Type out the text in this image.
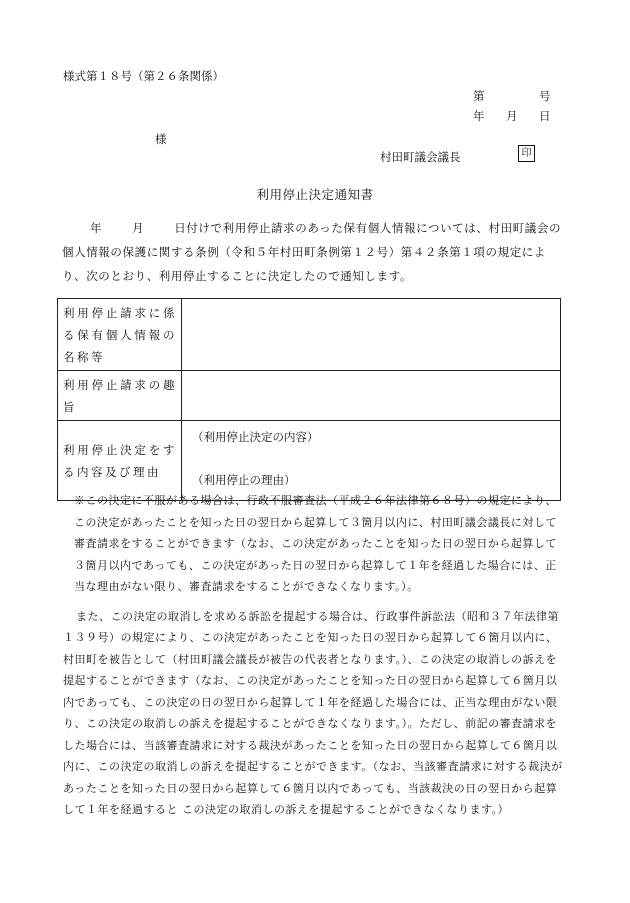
様式第１８号（第２６条関係）
第	号
年 月 日
様
村田町議会議長	印
利用停止決定通知書
年	月	日付けで利用停止請求のあった保有個人情報については、村田町議会の個人情報の保護に関する条例（令和５年村田町条例第１２号）第４２条第１項の規定により、次のとおり、利用停止することに決定したので通知します。
利用停止請求に係る保有個人情報の名称等	
利用停止請求の趣旨	
利用停止決定をする内容及び理由	（利用停止決定の内容）
（利用停止の理由）

※この決定に不服がある場合は、行政不服審査法（平成２６年法律第６８号）の規定により、この決定があったことを知った日の翌日から起算して３箇月以内に、村田町議会議長に対して審査請求をすることができます（なお、この決定があったことを知った日の翌日から起算して３箇月以内であっても、この決定があった日の翌日から起算して１年を経過した場合には、正当な理由がない限り、審査請求をすることができなくなります。）。

また、この決定の取消しを求める訴訟を提起する場合は、行政事件訴訟法（昭和３７年法律第１３９号）の規定により、この決定があったことを知った日の翌日から起算して６箇月以内に、村田町を被告として（村田町議会議長が被告の代表者となります。）、この決定の取消しの訴えを提起することができます（なお、この決定があったことを知った日の翌日から起算して６箇月以内であっても、この決定の日の翌日から起算して１年を経過した場合には、正当な理由がない限り、この決定の取消しの訴えを提起することができなくなります。）。ただし、前記の審査請求をした場合には、当該審査請求に対する裁決があったことを知った日の翌日から起算して６箇月以内に、この決定の取消しの訴えを提起することができます。（なお、当該審査請求に対する裁決があったことを知った日の翌日から起算して６箇月以内であっても、当該裁決の日の翌日から起算して１年を経過すると この決定の取消しの訴えを提起することができなくなります。）
